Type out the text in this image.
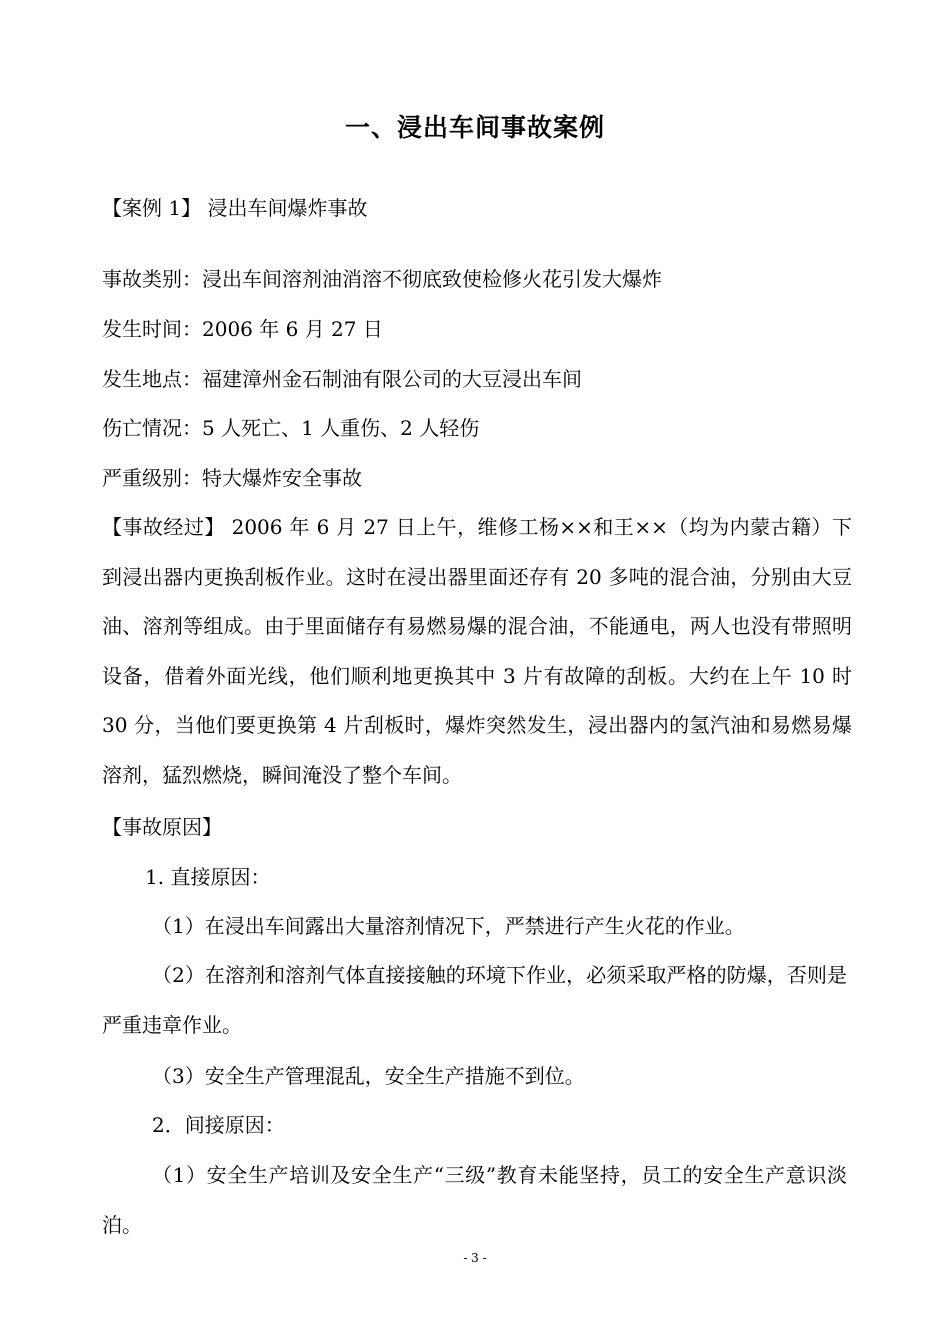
一、浸出车间事故案例
【案例 1】 浸出车间爆炸事故
事故类别：浸出车间溶剂油消溶不彻底致使检修火花引发大爆炸
发生时间：2006 年 6 月 27 日
发生地点：福建漳州金石制油有限公司的大豆浸出车间
伤亡情况：5 人死亡、1 人重伤、2 人轻伤
严重级别：特大爆炸安全事故
【事故经过】 2006 年 6 月 27 日上午，维修工杨××和王××（均为内蒙古籍）下到浸出器内更换刮板作业。这时在浸出器里面还存有 20 多吨的混合油，分别由大豆油、溶剂等组成。由于里面储存有易燃易爆的混合油，不能通电，两人也没有带照明设备，借着外面光线，他们顺利地更换其中 3 片有故障的刮板。大约在上午 10 时 30 分，当他们要更换第 4 片刮板时，爆炸突然发生，浸出器内的氢汽油和易燃易爆溶剂，猛烈燃烧，瞬间淹没了整个车间。
【事故原因】
1. 直接原因：
（1）在浸出车间露出大量溶剂情况下，严禁进行产生火花的作业。
（2）在溶剂和溶剂气体直接接触的环境下作业，必须采取严格的防爆，否则是严重违章作业。
（3）安全生产管理混乱，安全生产措施不到位。
2．间接原因：
（1）安全生产培训及安全生产“三级”教育未能坚持，员工的安全生产意识淡泊。
- 3 -
